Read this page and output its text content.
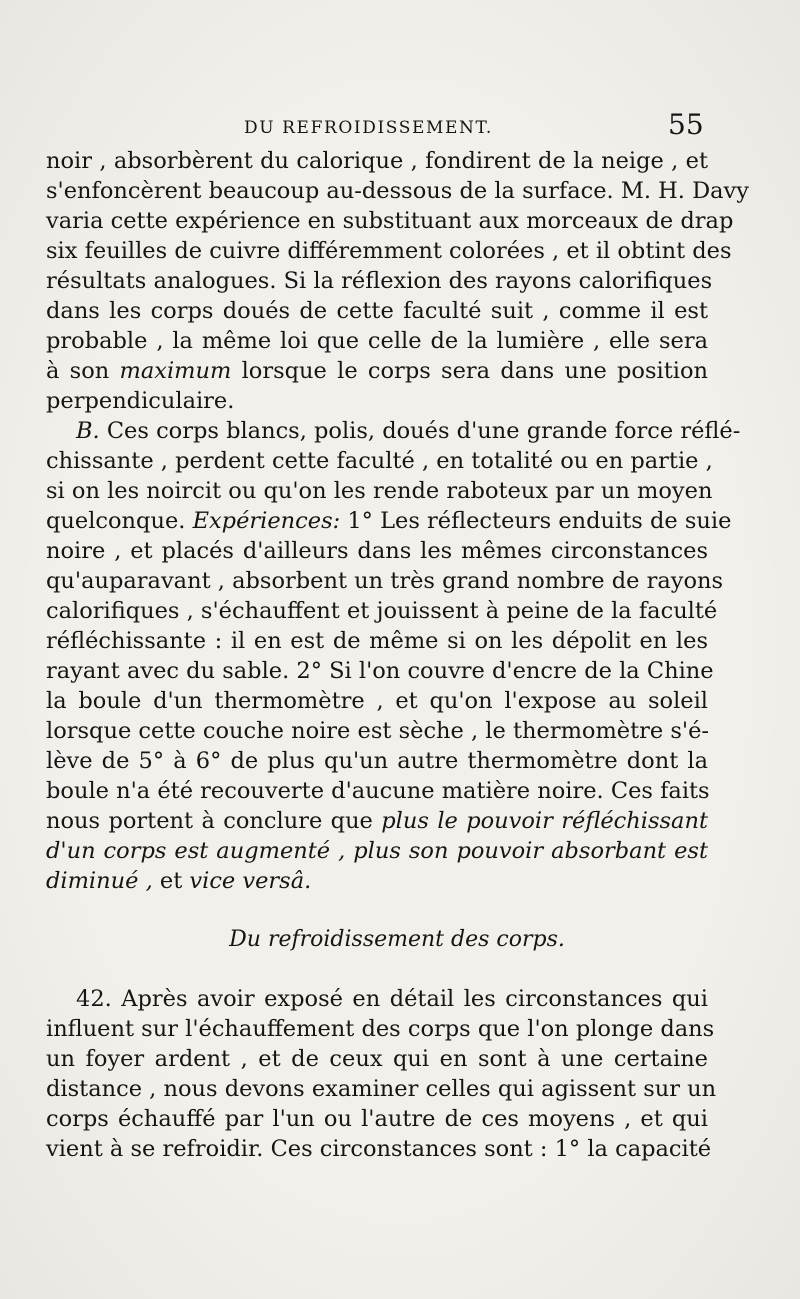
DU REFROIDISSEMENT.	55
noir , absorbèrent du calorique , fondirent de la neige , et
s'enfoncèrent beaucoup au-dessous de la surface. M. H. Davy
varia cette expérience en substituant aux morceaux de drap
six feuilles de cuivre différemment colorées , et il obtint des
résultats analogues. Si la réflexion des rayons calorifiques
dans les corps doués de cette faculté suit , comme il est
probable , la même loi que celle de la lumière , elle sera
à son maximum lorsque le corps sera dans une position
perpendiculaire.
B. Ces corps blancs, polis, doués d'une grande force réflé-
chissante , perdent cette faculté , en totalité ou en partie ,
si on les noircit ou qu'on les rende raboteux par un moyen
quelconque. Expériences: 1° Les réflecteurs enduits de suie
noire , et placés d'ailleurs dans les mêmes circonstances
qu'auparavant , absorbent un très grand nombre de rayons
calorifiques , s'échauffent et jouissent à peine de la faculté
réfléchissante : il en est de même si on les dépolit en les
rayant avec du sable. 2° Si l'on couvre d'encre de la Chine
la boule d'un thermomètre , et qu'on l'expose au soleil
lorsque cette couche noire est sèche , le thermomètre s'é-
lève de 5° à 6° de plus qu'un autre thermomètre dont la
boule n'a été recouverte d'aucune matière noire. Ces faits
nous portent à conclure que plus le pouvoir réfléchissant
d'un corps est augmenté , plus son pouvoir absorbant est
diminué , et vice versâ.
Du refroidissement des corps.
42. Après avoir exposé en détail les circonstances qui
influent sur l'échauffement des corps que l'on plonge dans
un foyer ardent , et de ceux qui en sont à une certaine
distance , nous devons examiner celles qui agissent sur un
corps échauffé par l'un ou l'autre de ces moyens , et qui
vient à se refroidir. Ces circonstances sont : 1° la capacité
